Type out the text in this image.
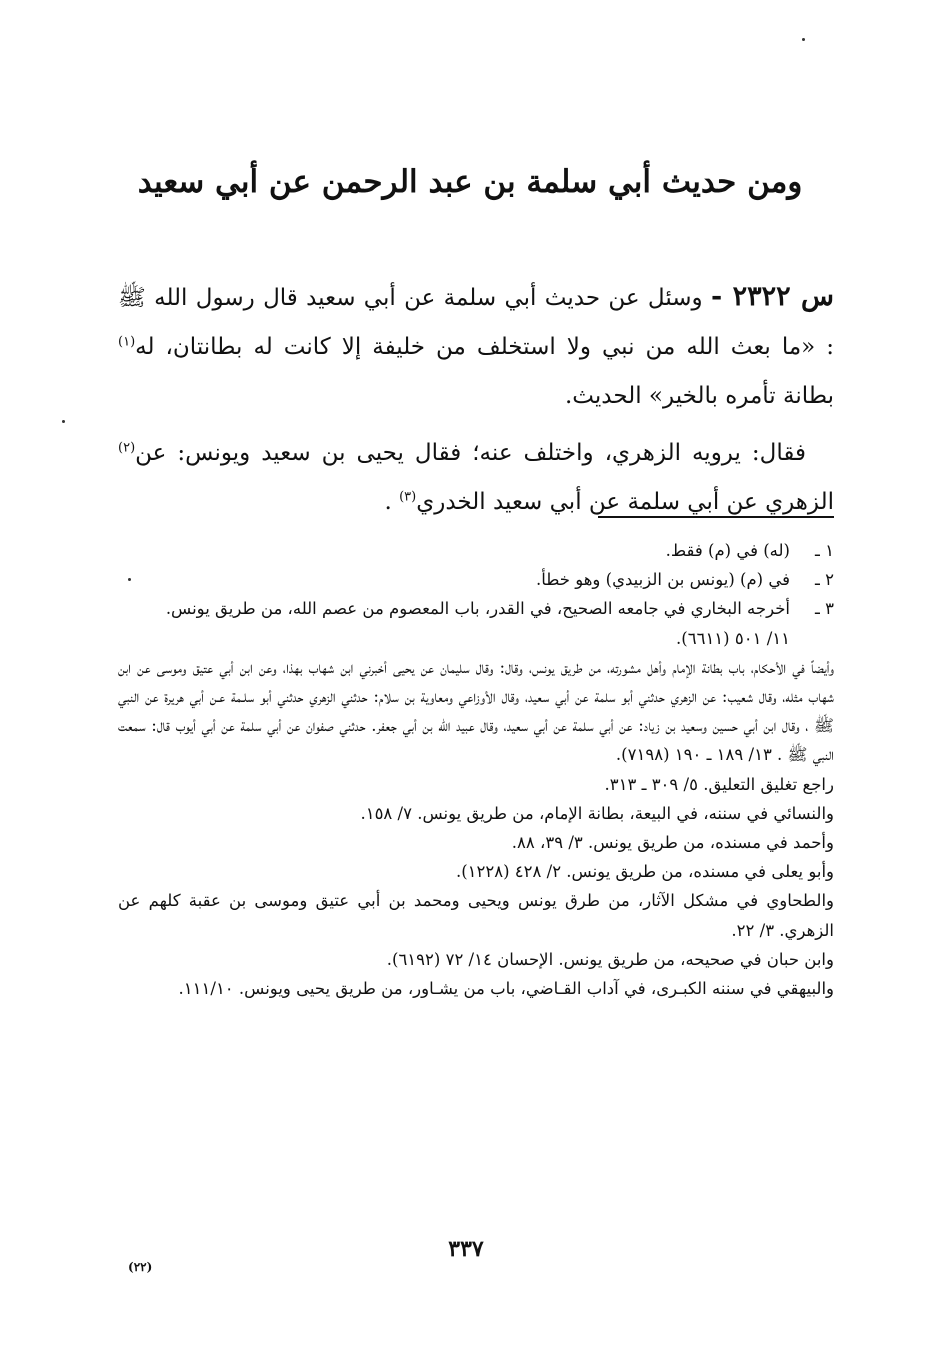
ومن حديث أبي سلمة بن عبد الرحمن عن أبي سعيد

س ٢٣٢٢ - وسئل عن حديث أبي سلمة عن أبي سعيد قال رسول الله ﷺ : «ما بعث الله من نبي ولا استخلف من خليفة إلا كانت له بطانتان، له$^{(١)}$ بطانة تأمره بالخير» الحديث.

فقال: يرويه الزهري، واختلف عنه؛ فقال يحيى بن سعيد ويونس: عن$^{(٢)}$ الزهري عن أبي سلمة عن أبي سعيد الخدري$^{(٣)}$ .

١ ـ
(له) في (م) فقط.
٢ ـ
في (م) (يونس بن الزبيدي) وهو خطأ.
٣ ـ
أخرجه البخاري في جامعه الصحيح، في القدر، باب المعصوم من عصم الله، من طريق يونس.
١١/ ٥٠١ (٦٦١١).
وأيضاً في الأحكام، باب بطانة الإمام وأهل مشورته، من طريق يونس، وقال: وقال سليمان عن يحيى أخبرني ابن شهاب بهذا، وعن ابن أبي عتيق وموسى عن ابن شهاب مثله، وقال شعيب: عن الزهري حدثني أبو سلمة عن أبي سعيد، وقال الأوزاعي ومعاوية بن سلام: حدثني الزهري حدثني أبو سلـمة عـن أبي هريرة عن النبي ﷺ ، وقال ابن أبي حسين وسعيد بن زياد: عن أبي سلمة عن أبي سعيد، وقال عبيد الله بن أبي جعفر. حدثني صفوان عن أبي سلمة عن أبي أيوب قال: سمعت النبي ﷺ . ١٣/ ١٨٩ ـ ١٩٠ (٧١٩٨).
راجع تغليق التعليق. ٥/ ٣٠٩ ـ ٣١٣.
والنسائي في سننه، في البيعة، بطانة الإمام، من طريق يونس. ٧/ ١٥٨.
وأحمد في مسنده، من طريق يونس. ٣/ ٣٩، ٨٨.
وأبو يعلى في مسنده، من طريق يونس. ٢/ ٤٢٨ (١٢٢٨).
والطحاوي في مشكل الآثار، من طرق يونس ويحيى ومحمد بن أبي عتيق وموسى بن عقبة كلهم عن الزهري. ٣/ ٢٢.
وابن حبان في صحيحه، من طريق يونس. الإحسان ١٤/ ٧٢ (٦١٩٢).
والبيهقي في سننه الكبـرى، في آداب القـاضي، باب من يشـاور، من طريق يحيى ويونس. ١١١/١٠.
٣٣٧
(٢٢)
